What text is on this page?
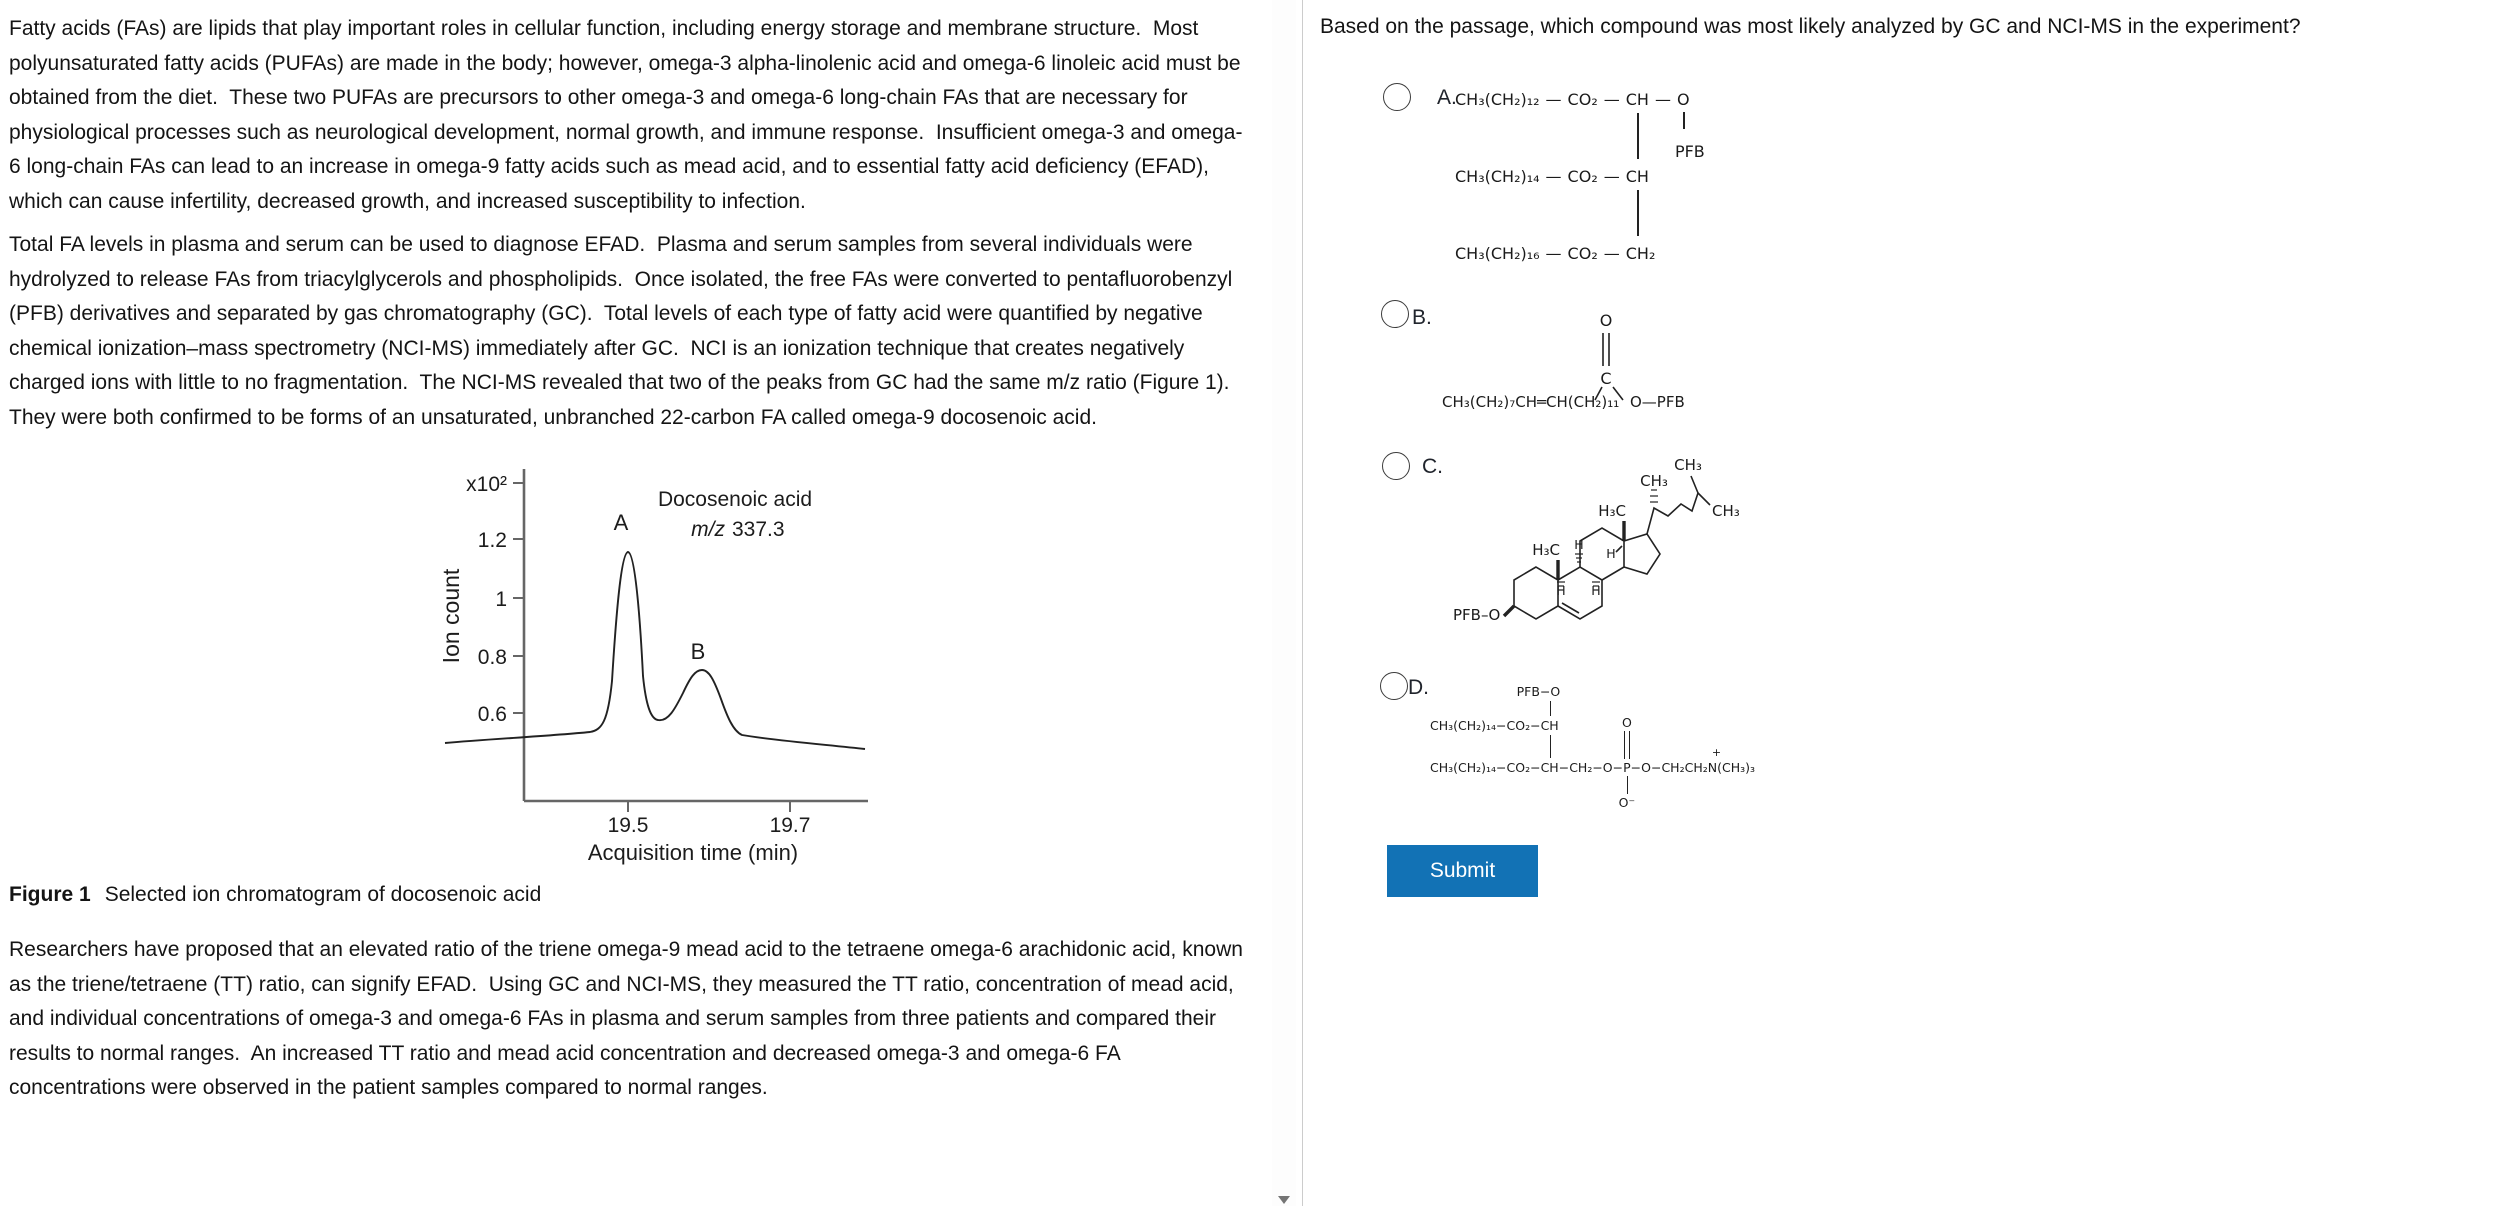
Fatty acids (FAs) are lipids that play important roles in cellular function, including energy storage and membrane structure.  Most polyunsaturated fatty acids (PUFAs) are made in the body; however, omega-3 alpha-linolenic acid and omega-6 linoleic acid must be obtained from the diet.  These two PUFAs are precursors to other omega-3 and omega-6 long-chain FAs that are necessary for physiological processes such as neurological development, normal growth, and immune response.  Insufficient omega-3 and omega-6 long-chain FAs can lead to an increase in omega-9 fatty acids such as mead acid, and to essential fatty acid deficiency (EFAD), which can cause infertility, decreased growth, and increased susceptibility to infection.

Total FA levels in plasma and serum can be used to diagnose EFAD.  Plasma and serum samples from several individuals were hydrolyzed to release FAs from triacylglycerols and phospholipids.  Once isolated, the free FAs were converted to pentafluorobenzyl (PFB) derivatives and separated by gas chromatography (GC).  Total levels of each type of fatty acid were quantified by negative chemical ionization–mass spectrometry (NCI-MS) immediately after GC.  NCI is an ionization technique that creates negatively charged ions with little to no fragmentation.  The NCI-MS revealed that two of the peaks from GC had the same m/z ratio (Figure 1).  They were both confirmed to be forms of an unsaturated, unbranched 22-carbon FA called omega-9 docosenoic acid.

x10²
1.2
1
0.8
0.6
Ion count
19.5	19.7
Acquisition time (min)
Docosenoic acid
m/z 337.3
A
B

Figure 1 Selected ion chromatogram of docosenoic acid

Researchers have proposed that an elevated ratio of the triene omega-9 mead acid to the tetraene omega-6 arachidonic acid, known as the triene/tetraene (TT) ratio, can signify EFAD.  Using GC and NCI-MS, they measured the TT ratio, concentration of mead acid, and individual concentrations of omega-3 and omega-6 FAs in plasma and serum samples from three patients and compared their results to normal ranges.  An increased TT ratio and mead acid concentration and decreased omega-3 and omega-6 FA concentrations were observed in the patient samples compared to normal ranges.

Based on the passage, which compound was most likely analyzed by GC and NCI-MS in the experiment?
A.
CH₃(CH₂)₁₂ — CO₂ — CH — O
PFB
CH₃(CH₂)₁₄ — CO₂ — CH
CH₃(CH₂)₁₆ — CO₂ — CH₂
B.
CH₃(CH₂)₇CH═CH(CH₂)₁₁
O
C
O—PFB
C.
PFB–O
H₃C
H₃C
CH₃
CH₃
CH₃
H
H H
H
D.
CH₃(CH₂)₁₄−CO₂− CH
PFB−O
CH₃(CH₂)₁₄−CO₂− CH −CH₂−O− P
O
O⁻
−O−CH₂CH₂ N
+
(CH₃)₃
Submit
